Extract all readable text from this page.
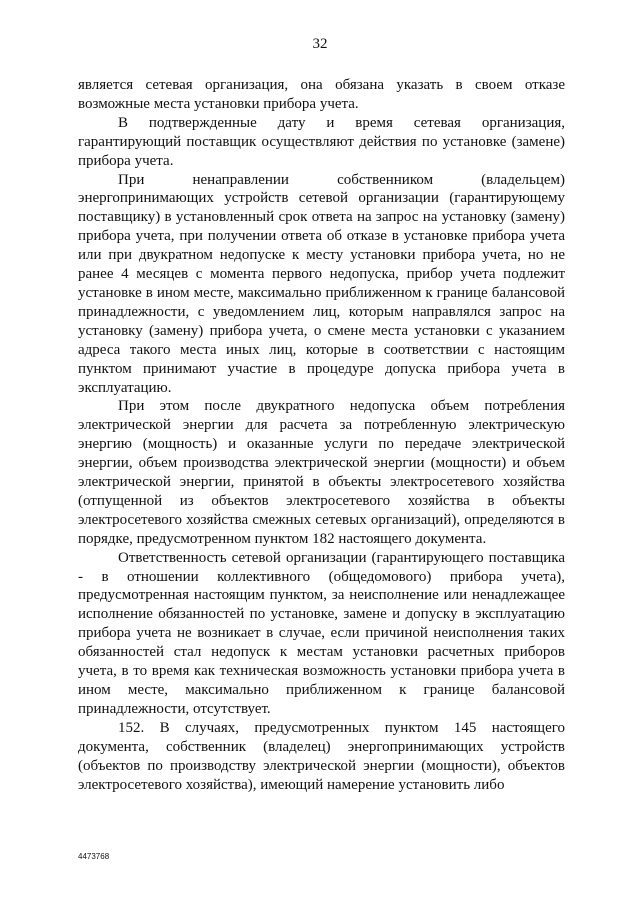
32

является сетевая организация, она обязана указать в своем отказе возможные места установки прибора учета.

В подтвержденные дату и время сетевая организация, гарантирующий поставщик осуществляют действия по установке (замене) прибора учета.

При ненаправлении собственником (владельцем) энергопринимающих устройств сетевой организации (гарантирующему поставщику) в установленный срок ответа на запрос на установку (замену) прибора учета, при получении ответа об отказе в установке прибора учета или при двукратном недопуске к месту установки прибора учета, но не ранее 4 месяцев с момента первого недопуска, прибор учета подлежит установке в ином месте, максимально приближенном к границе балансовой принадлежности, с уведомлением лиц, которым направлялся запрос на установку (замену) прибора учета, о смене места установки с указанием адреса такого места иных лиц, которые в соответствии с настоящим пунктом принимают участие в процедуре допуска прибора учета в эксплуатацию.

При этом после двукратного недопуска объем потребления электрической энергии для расчета за потребленную электрическую энергию (мощность) и оказанные услуги по передаче электрической энергии, объем производства электрической энергии (мощности) и объем электрической энергии, принятой в объекты электросетевого хозяйства (отпущенной из объектов электросетевого хозяйства в объекты электросетевого хозяйства смежных сетевых организаций), определяются в порядке, предусмотренном пунктом 182 настоящего документа.

Ответственность сетевой организации (гарантирующего поставщика - в отношении коллективного (общедомового) прибора учета), предусмотренная настоящим пунктом, за неисполнение или ненадлежащее исполнение обязанностей по установке, замене и допуску в эксплуатацию прибора учета не возникает в случае, если причиной неисполнения таких обязанностей стал недопуск к местам установки расчетных приборов учета, в то время как техническая возможность установки прибора учета в ином месте, максимально приближенном к границе балансовой принадлежности, отсутствует.

152. В случаях, предусмотренных пунктом 145 настоящего документа, собственник (владелец) энергопринимающих устройств (объектов по производству электрической энергии (мощности), объектов электросетевого хозяйства), имеющий намерение установить либо

4473768
